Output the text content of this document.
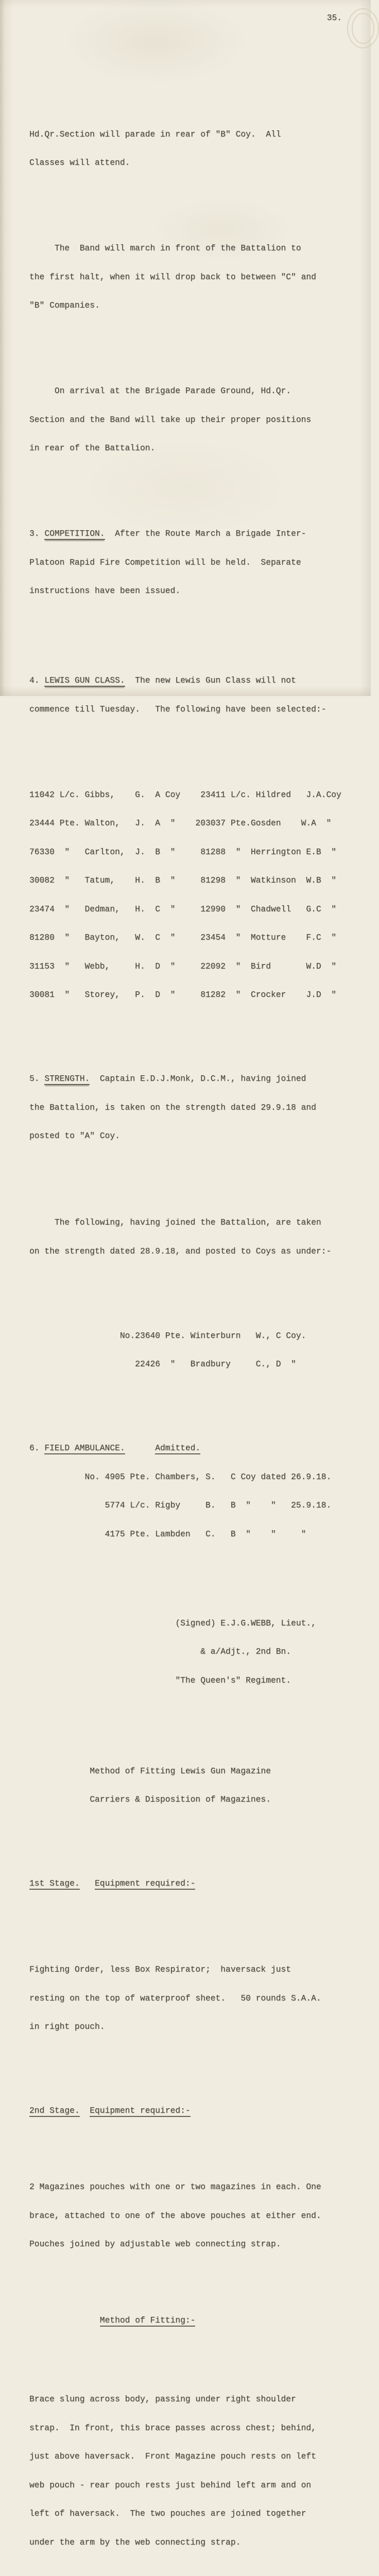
35.

Hd.Qr.Section will parade in rear of "B" Coy.  All

Classes will attend.

The  Band will march in front of the Battalion to

the first halt, when it will drop back to between "C" and

"B" Companies.

On arrival at the Brigade Parade Ground, Hd.Qr.

Section and the Band will take up their proper positions

in rear of the Battalion.

3. COMPETITION.  After the Route March a Brigade Inter-

Platoon Rapid Fire Competition will be held.  Separate

instructions have been issued.

4. LEWIS GUN CLASS.  The new Lewis Gun Class will not

commence till Tuesday.   The following have been selected:-

11042 L/c. Gibbs,    G.  A Coy    23411 L/c. Hildred   J.A.Coy

23444 Pte. Walton,   J.  A  "    203037 Pte.Gosden    W.A  "

76330  "   Carlton,  J.  B  "     81288  "  Herrington E.B  "

30082  "   Tatum,    H.  B  "     81298  "  Watkinson  W.B  "

23474  "   Dedman,   H.  C  "     12990  "  Chadwell   G.C  "

81280  "   Bayton,   W.  C  "     23454  "  Motture    F.C  "

31153  "   Webb,     H.  D  "     22092  "  Bird       W.D  "

30081  "   Storey,   P.  D  "     81282  "  Crocker    J.D  "

5. STRENGTH.  Captain E.D.J.Monk, D.C.M., having joined

the Battalion, is taken on the strength dated 29.9.18 and

posted to "A" Coy.

The following, having joined the Battalion, are taken

on the strength dated 28.9.18, and posted to Coys as under:-

No.23640 Pte. Winterburn   W., C Coy.

22426  "   Bradbury     C., D  "

6. FIELD AMBULANCE.	Admitted.

No. 4905 Pte. Chambers, S.   C Coy dated 26.9.18.

5774 L/c. Rigby     B.   B  "    "   25.9.18.

4175 Pte. Lambden   C.   B  "    "     "

(Signed) E.J.G.WEBB, Lieut.,

& a/Adjt., 2nd Bn.

"The Queen's" Regiment.

Method of Fitting Lewis Gun Magazine

Carriers & Disposition of Magazines.

1st Stage. Equipment required:-

Fighting Order, less Box Respirator;  haversack just

resting on the top of waterproof sheet.   50 rounds S.A.A.

in right pouch.

2nd Stage. Equipment required:-

2 Magazines pouches with one or two magazines in each. One

brace, attached to one of the above pouches at either end.

Pouches joined by adjustable web connecting strap.

Method of Fitting:-

Brace slung across body, passing under right shoulder

strap.  In front, this brace passes across chest; behind,

just above haversack.  Front Magazine pouch rests on left

web pouch - rear pouch rests just behind left arm and on

left of haversack.  The two pouches are joined together

under the arm by the web connecting strap.
